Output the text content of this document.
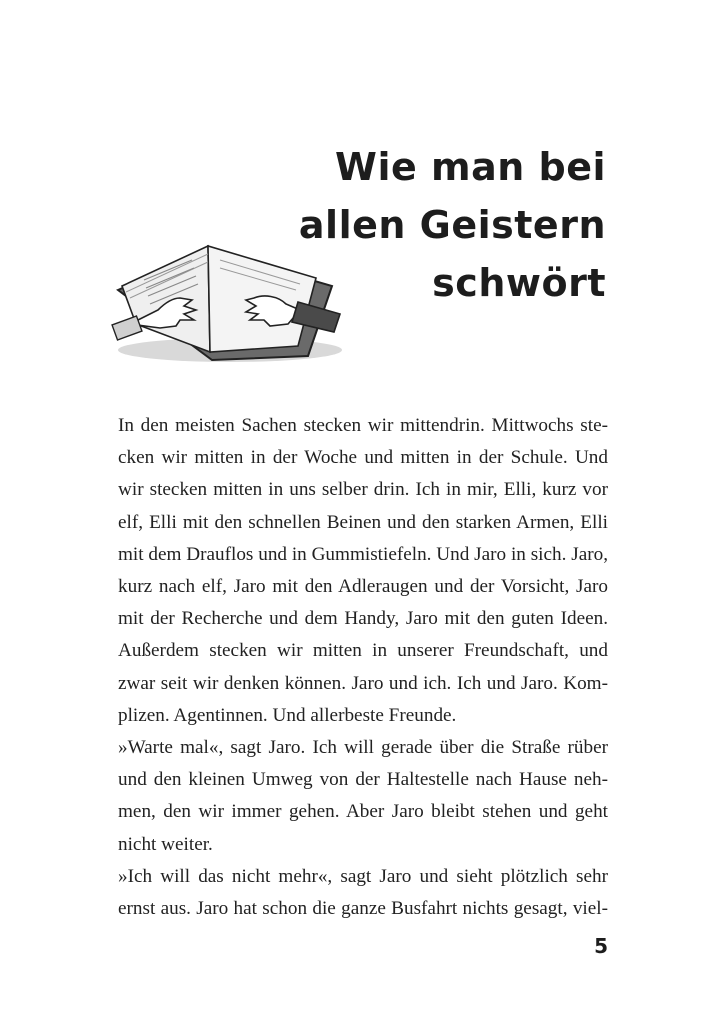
Wie man bei
allen Geistern
schwört

In den meisten Sachen stecken wir mittendrin. Mittwochs ste-
cken wir mitten in der Woche und mitten in der Schule. Und
wir stecken mitten in uns selber drin. Ich in mir, Elli, kurz vor
elf, Elli mit den schnellen Beinen und den starken Armen, Elli
mit dem Drauflos und in Gummistiefeln. Und Jaro in sich. Jaro,
kurz nach elf, Jaro mit den Adleraugen und der Vorsicht, Jaro
mit der Recherche und dem Handy, Jaro mit den guten Ideen.
Außerdem stecken wir mitten in unserer Freundschaft, und
zwar seit wir denken können. Jaro und ich. Ich und Jaro. Kom-
plizen. Agentinnen. Und allerbeste Freunde.

»Warte mal«, sagt Jaro. Ich will gerade über die Straße rüber
und den kleinen Umweg von der Haltestelle nach Hause neh-
men, den wir immer gehen. Aber Jaro bleibt stehen und geht
nicht weiter.

»Ich will das nicht mehr«, sagt Jaro und sieht plötzlich sehr
ernst aus. Jaro hat schon die ganze Busfahrt nichts gesagt, viel-

5
